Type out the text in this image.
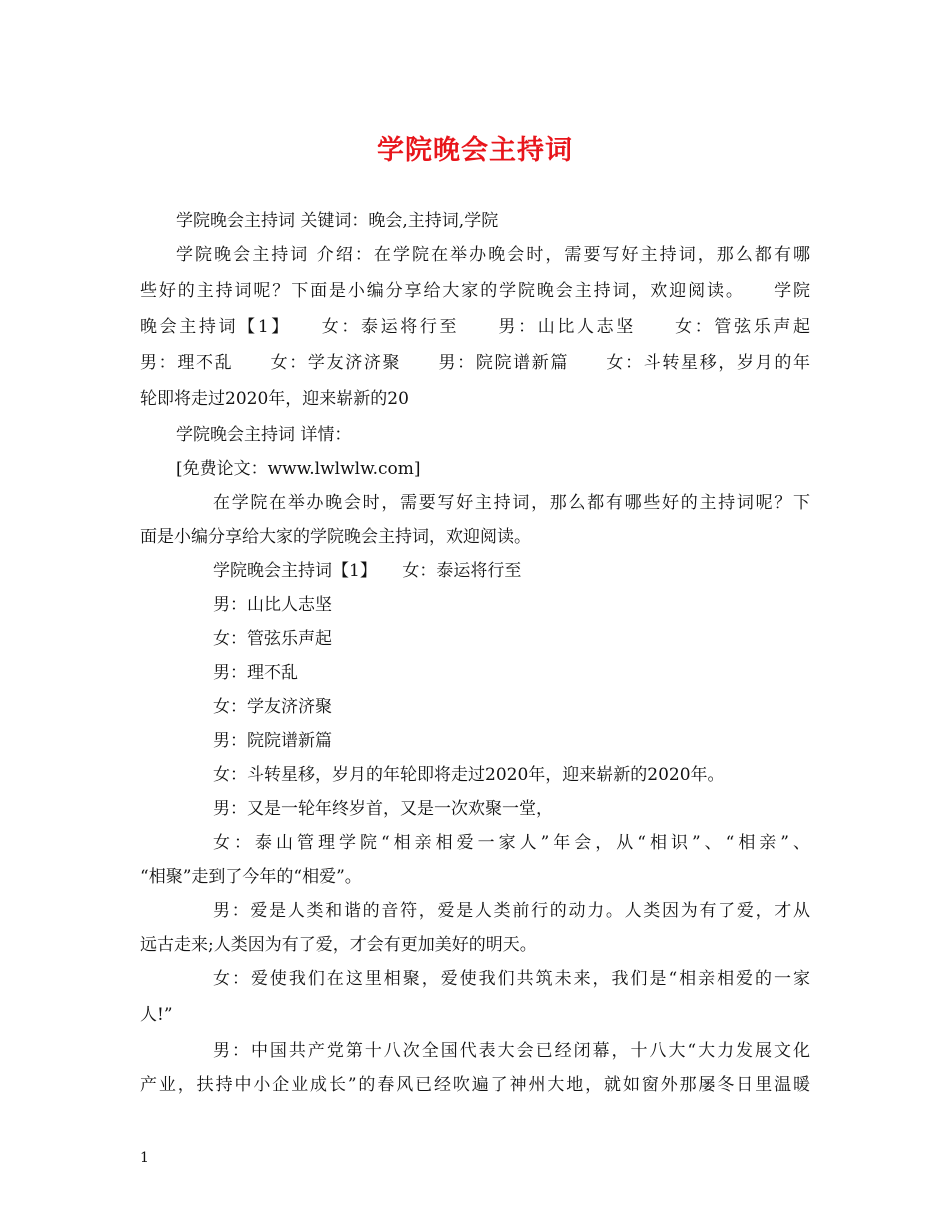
学院晚会主持词
学院晚会主持词 关键词：晚会,主持词,学院
学院晚会主持词 介绍：在学院在举办晚会时，需要写好主持词，那么都有哪
些好的主持词呢？下面是小编分享给大家的学院晚会主持词，欢迎阅读。　　学院
晚会主持词【1】　　女：泰运将行至　　男：山比人志坚　　女：管弦乐声起
男：理不乱　　女：学友济济聚　　男：院院谱新篇　　女：斗转星移，岁月的年
轮即将走过2020年，迎来崭新的20
学院晚会主持词 详情：
[免费论文：www.lwlwlw.com]
在学院在举办晚会时，需要写好主持词，那么都有哪些好的主持词呢？下
面是小编分享给大家的学院晚会主持词，欢迎阅读。
学院晚会主持词【1】　　女：泰运将行至
男：山比人志坚
女：管弦乐声起
男：理不乱
女：学友济济聚
男：院院谱新篇
女：斗转星移，岁月的年轮即将走过2020年，迎来崭新的2020年。
男：又是一轮年终岁首，又是一次欢聚一堂，
女：泰山管理学院“相亲相爱一家人”年会，从“相识”、“相亲”、
“相聚”走到了今年的“相爱”。
男：爱是人类和谐的音符，爱是人类前行的动力。人类因为有了爱，才从
远古走来;人类因为有了爱，才会有更加美好的明天。
女：爱使我们在这里相聚，爱使我们共筑未来，我们是“相亲相爱的一家
人!”
男：中国共产党第十八次全国代表大会已经闭幕，十八大“大力发展文化
产业，扶持中小企业成长”的春风已经吹遍了神州大地，就如窗外那屡冬日里温暖
1
